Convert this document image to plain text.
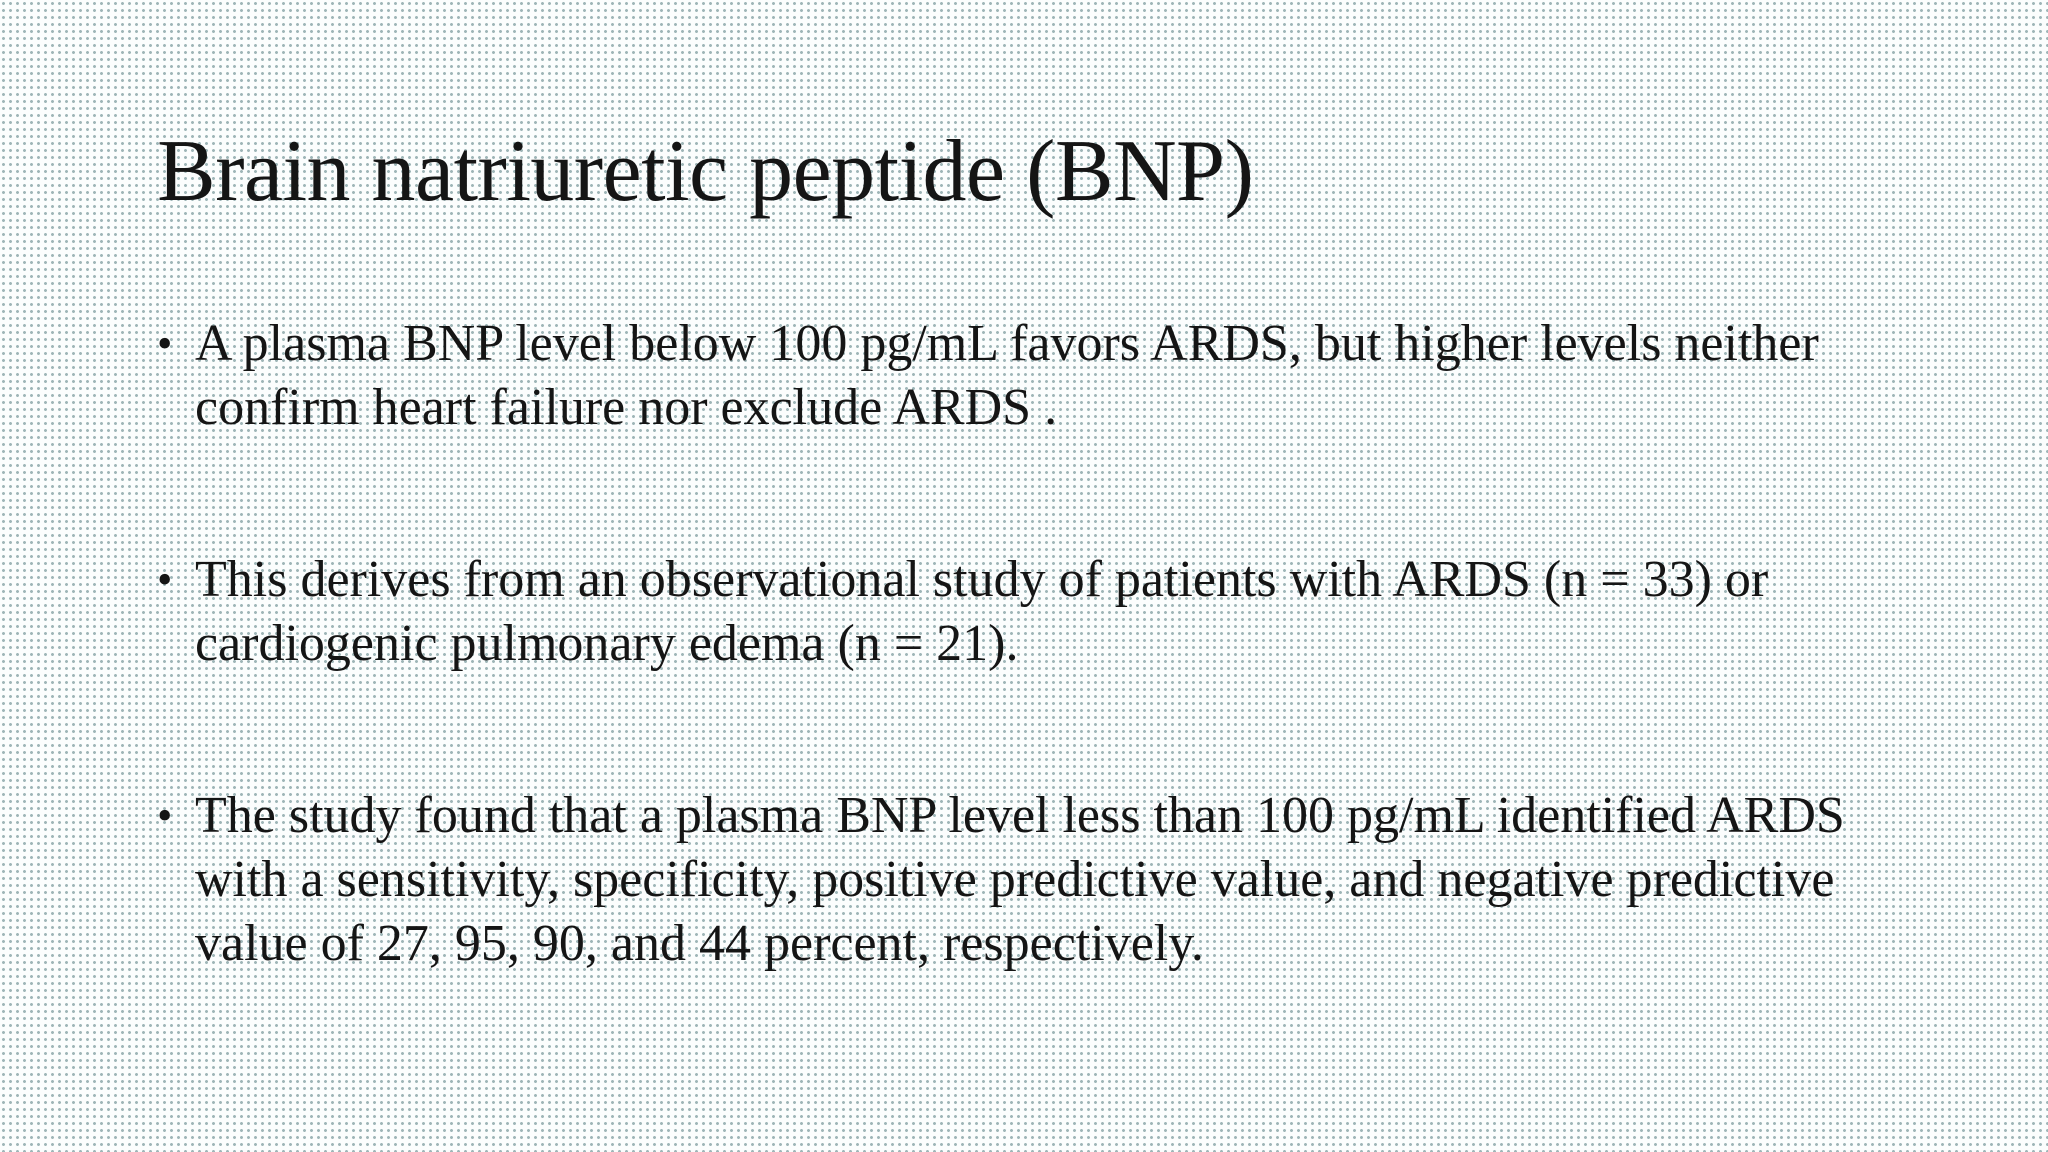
Brain natriuretic peptide (BNP)
• A plasma BNP level below 100 pg/mL favors ARDS, but higher levels neither confirm heart failure nor exclude ARDS .
• This derives from an observational study of patients with ARDS (n = 33) or cardiogenic pulmonary edema (n = 21).
• The study found that a plasma BNP level less than 100 pg/mL identified ARDS with a sensitivity, specificity, positive predictive value, and negative predictive value of 27, 95, 90, and 44 percent, respectively.
